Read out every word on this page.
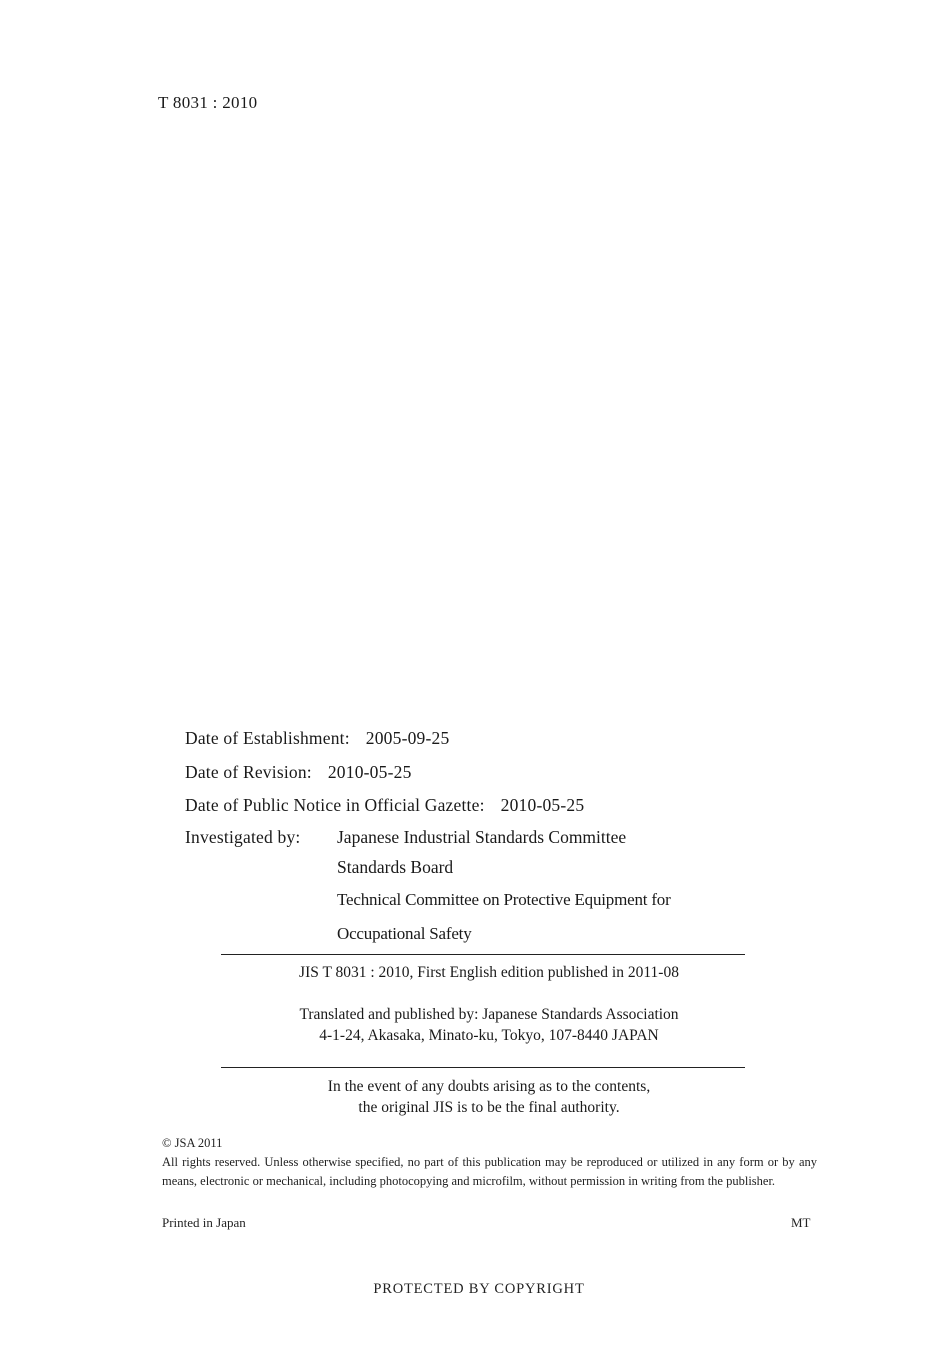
T 8031 : 2010
Date of Establishment: 2005-09-25
Date of Revision: 2010-05-25
Date of Public Notice in Official Gazette: 2010-05-25
Investigated by: Japanese Industrial Standards Committee
Standards Board
Technical Committee on Protective Equipment for
Occupational Safety
JIS T 8031 : 2010, First English edition published in 2011-08
Translated and published by: Japanese Standards Association
4-1-24, Akasaka, Minato-ku, Tokyo, 107-8440 JAPAN
In the event of any doubts arising as to the contents,
the original JIS is to be the final authority.
© JSA 2011
All rights reserved. Unless otherwise specified, no part of this publication may be reproduced or utilized in any form or by any means, electronic or mechanical, including photocopying and microfilm, without permission in writing from the publisher.
Printed in Japan	MT
PROTECTED BY COPYRIGHT
